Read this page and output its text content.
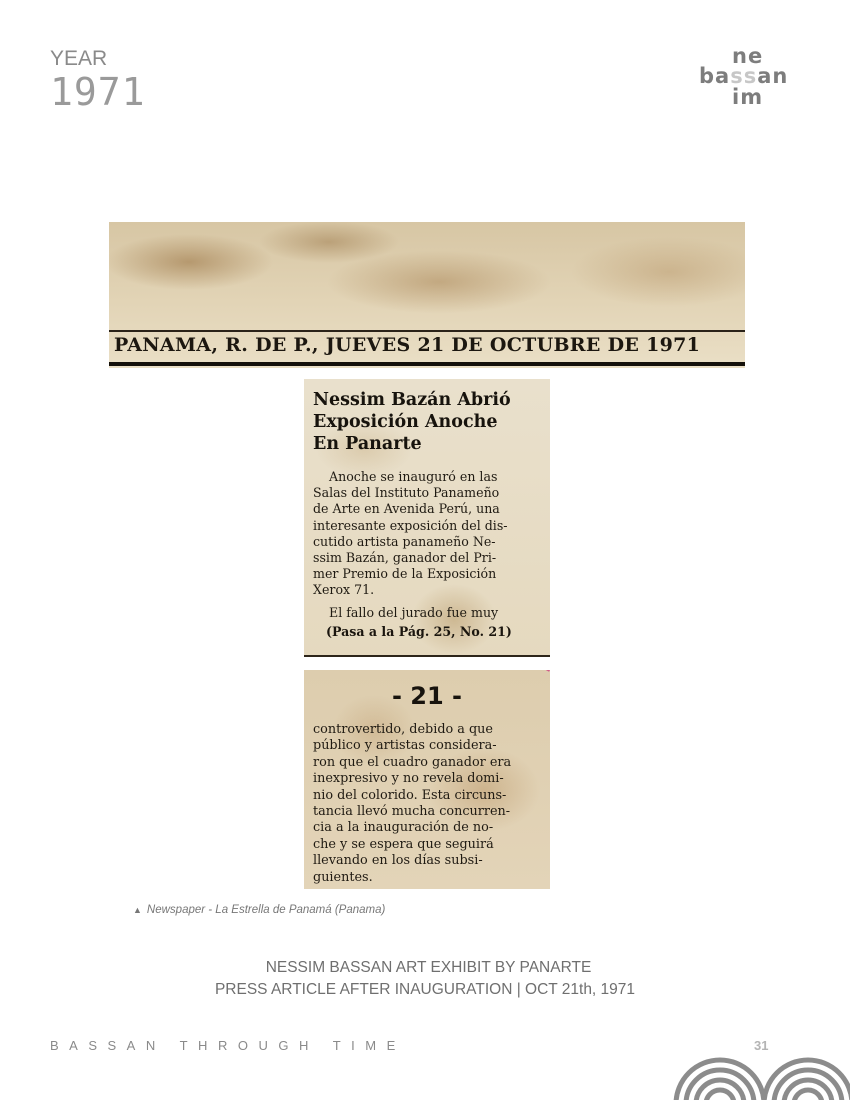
YEAR
1971
ne
bassan
im
PANAMA, R. DE P., JUEVES 21 DE OCTUBRE DE 1971
Nessim Bazán Abrió
Exposición Anoche
En Panarte
Anoche se inauguró en las
Salas del Instituto Panameño
de Arte en Avenida Perú, una
interesante exposición del dis-
cutido artista panameño Ne-
ssim Bazán, ganador del Pri-
mer Premio de la Exposición
Xerox 71.
El fallo del jurado fue muy
(Pasa a la Pág. 25, No. 21)
- 21 -
controvertido, debido a que
público y artistas considera-
ron que el cuadro ganador era
inexpresivo y no revela domi-
nio del colorido. Esta circuns-
tancia llevó mucha concurren-
cia a la inauguración de no-
che y se espera que seguirá
llevando en los días subsi-
guientes.
▲ Newspaper - La Estrella de Panamá (Panama)
NESSIM BASSAN ART EXHIBIT BY PANARTE
PRESS ARTICLE AFTER INAUGURATION | OCT 21th, 1971
BASSAN THROUGH TIME	31
